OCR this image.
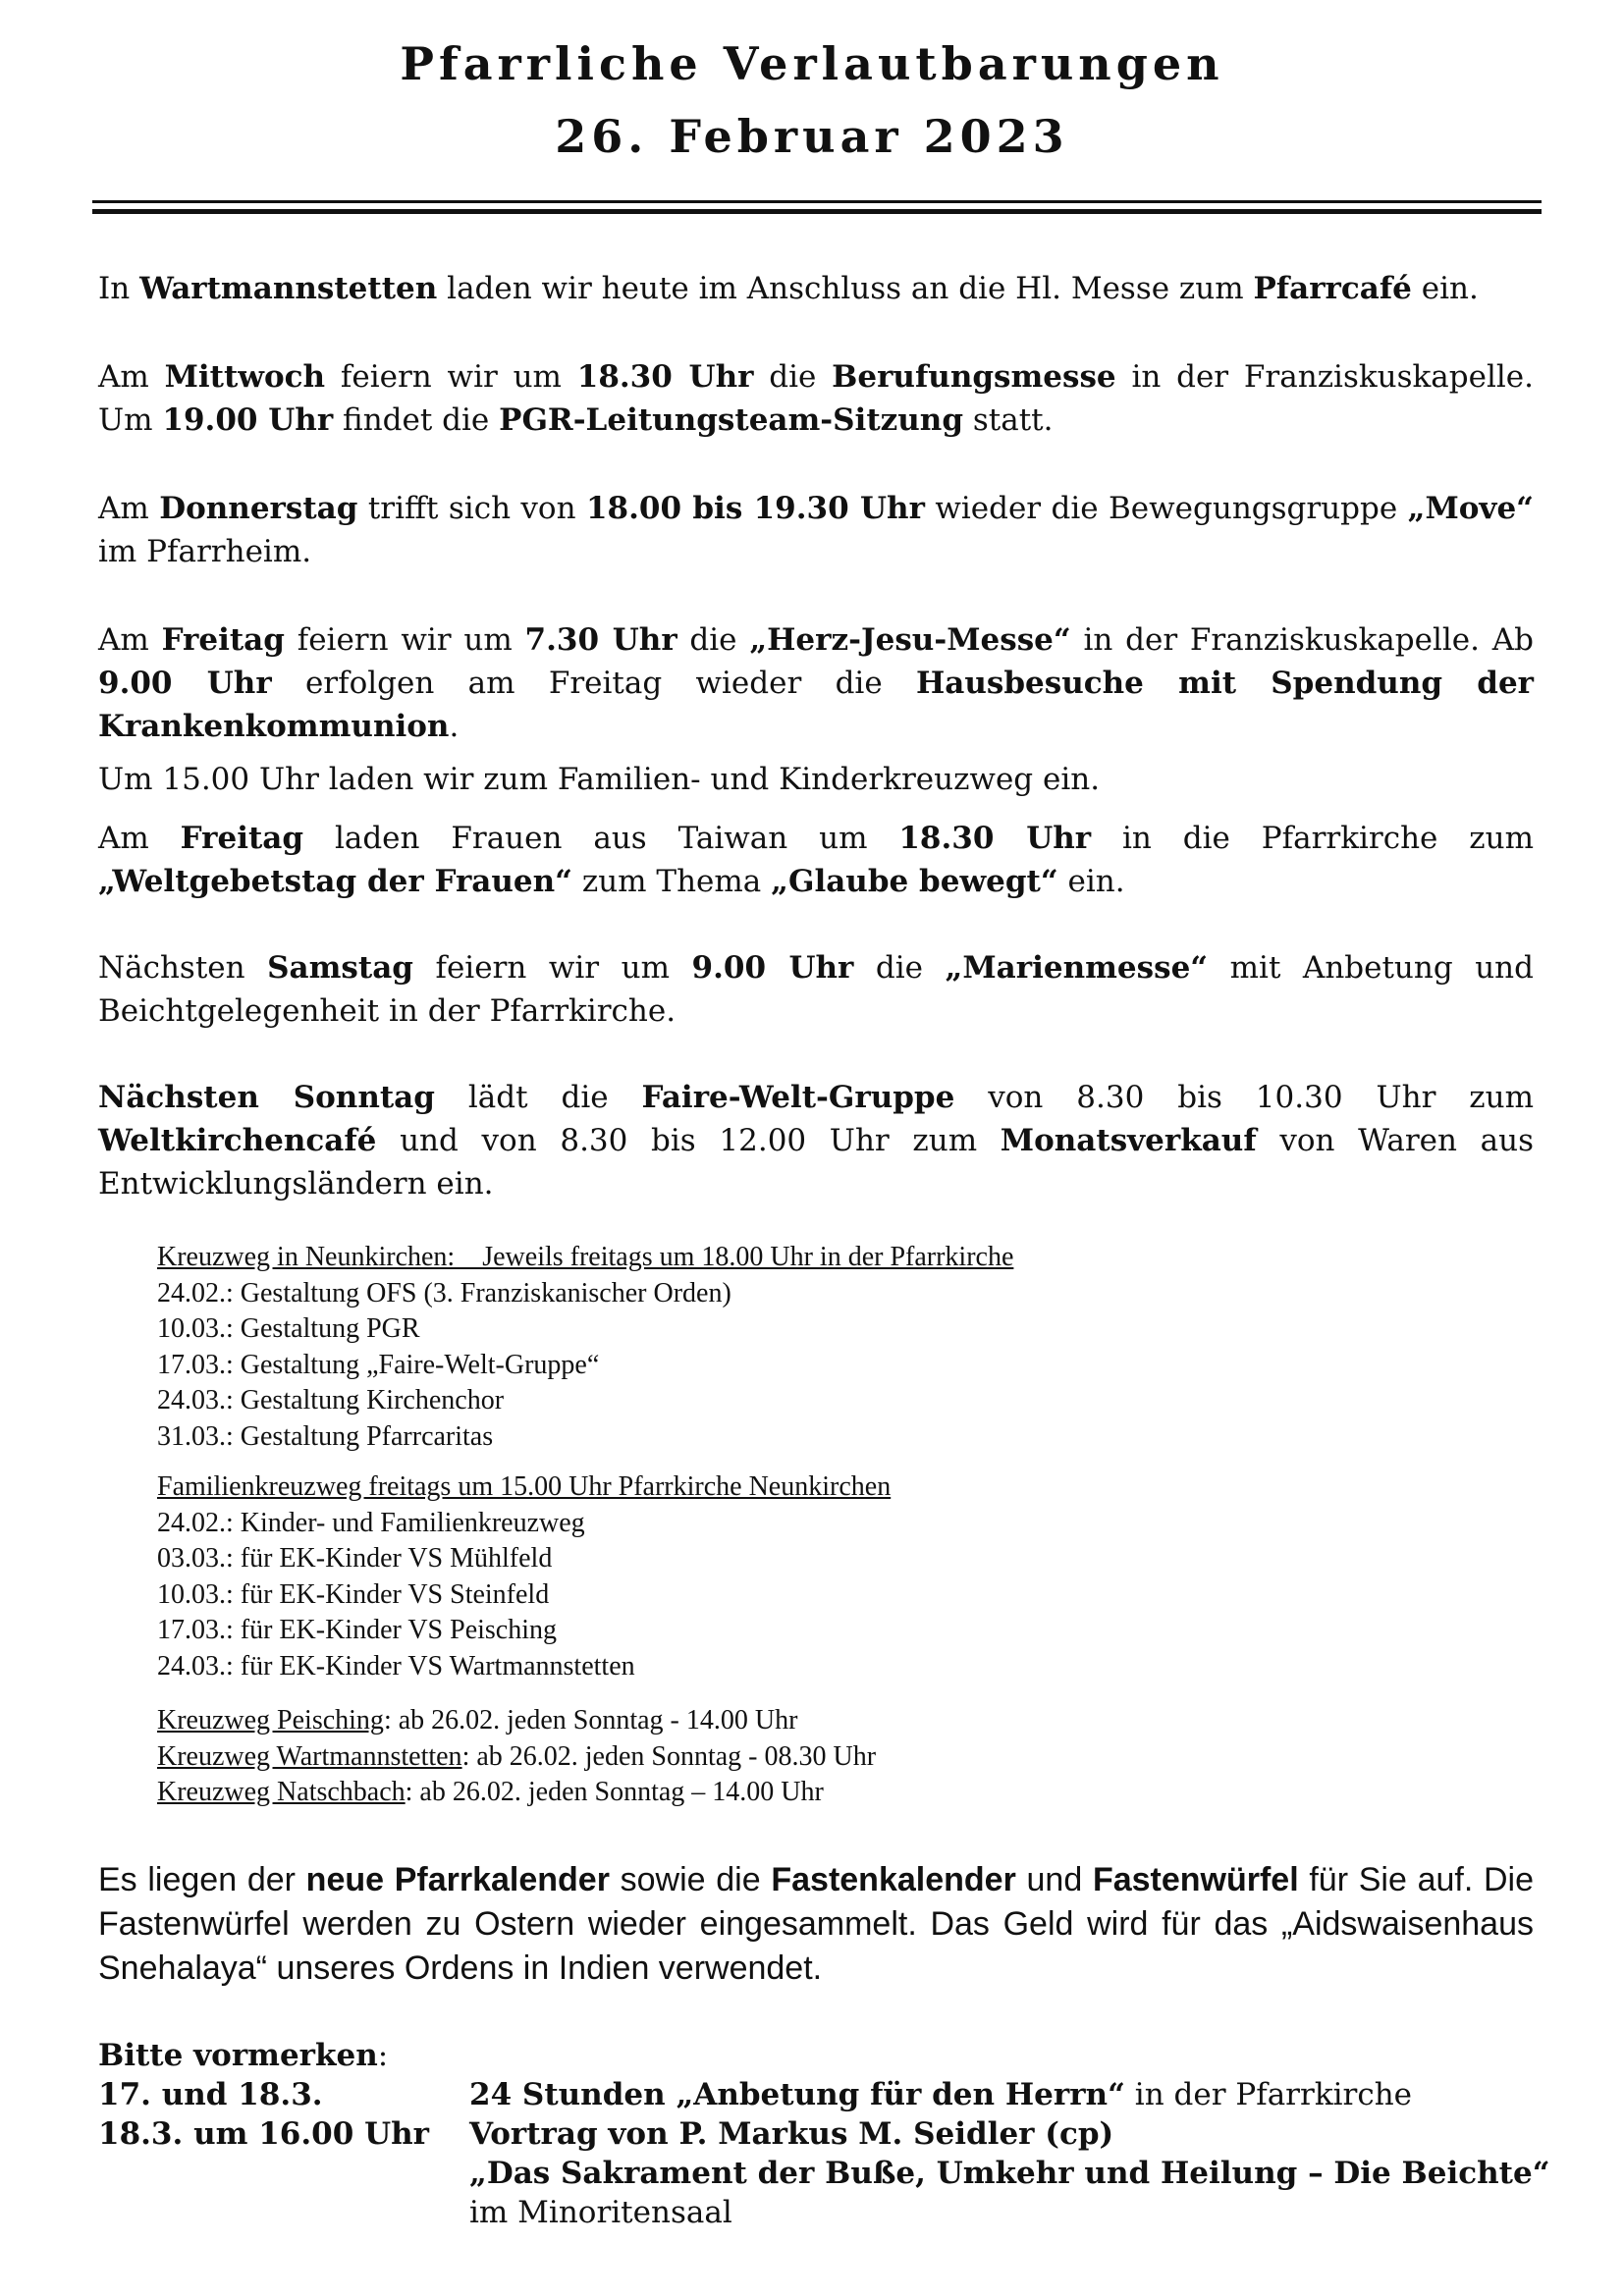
Pfarrliche Verlautbarungen
26. Februar 2023
In Wartmannstetten laden wir heute im Anschluss an die Hl. Messe zum Pfarrcafé ein.
Am Mittwoch feiern wir um 18.30 Uhr die Berufungsmesse in der Franziskuskapelle. Um 19.00 Uhr findet die PGR-Leitungsteam-Sitzung statt.
Am Donnerstag trifft sich von 18.00 bis 19.30 Uhr wieder die Bewegungsgruppe „Move“ im Pfarrheim.
Am Freitag feiern wir um 7.30 Uhr die „Herz-Jesu-Messe“ in der Franziskuskapelle. Ab 9.00 Uhr erfolgen am Freitag wieder die Hausbesuche mit Spendung der Krankenkommunion.
Um 15.00 Uhr laden wir zum Familien- und Kinderkreuzweg ein.
Am Freitag laden Frauen aus Taiwan um 18.30 Uhr in die Pfarrkirche zum „Weltgebetstag der Frauen“ zum Thema „Glaube bewegt“ ein.
Nächsten Samstag feiern wir um 9.00 Uhr die „Marienmesse“ mit Anbetung und Beichtgelegenheit in der Pfarrkirche.
Nächsten Sonntag lädt die Faire-Welt-Gruppe von 8.30 bis 10.30 Uhr zum Weltkirchencafé und von 8.30 bis 12.00 Uhr zum Monatsverkauf von Waren aus Entwicklungsländern ein.
Kreuzweg in Neunkirchen:    Jeweils freitags um 18.00 Uhr in der Pfarrkirche
24.02.: Gestaltung OFS (3. Franziskanischer Orden)
10.03.: Gestaltung PGR
17.03.: Gestaltung „Faire-Welt-Gruppe“
24.03.: Gestaltung Kirchenchor
31.03.: Gestaltung Pfarrcaritas
Familienkreuzweg freitags um 15.00 Uhr Pfarrkirche Neunkirchen
24.02.: Kinder- und Familienkreuzweg
03.03.: für EK-Kinder VS Mühlfeld
10.03.: für EK-Kinder VS Steinfeld
17.03.: für EK-Kinder VS Peisching
24.03.: für EK-Kinder VS Wartmannstetten
Kreuzweg Peisching: ab 26.02. jeden Sonntag - 14.00 Uhr
Kreuzweg Wartmannstetten: ab 26.02. jeden Sonntag - 08.30 Uhr
Kreuzweg Natschbach: ab 26.02. jeden Sonntag – 14.00 Uhr
Es liegen der neue Pfarrkalender sowie die Fastenkalender und Fastenwürfel für Sie auf. Die Fastenwürfel werden zu Ostern wieder eingesammelt. Das Geld wird für das „Aidswaisenhaus Snehalaya“ unseres Ordens in Indien verwendet.
Bitte vormerken:
17. und 18.3.	24 Stunden „Anbetung für den Herrn“ in der Pfarrkirche
18.3. um 16.00 Uhr Vortrag von P. Markus M. Seidler (cp)
„Das Sakrament der Buße, Umkehr und Heilung – Die Beichte“
im Minoritensaal
